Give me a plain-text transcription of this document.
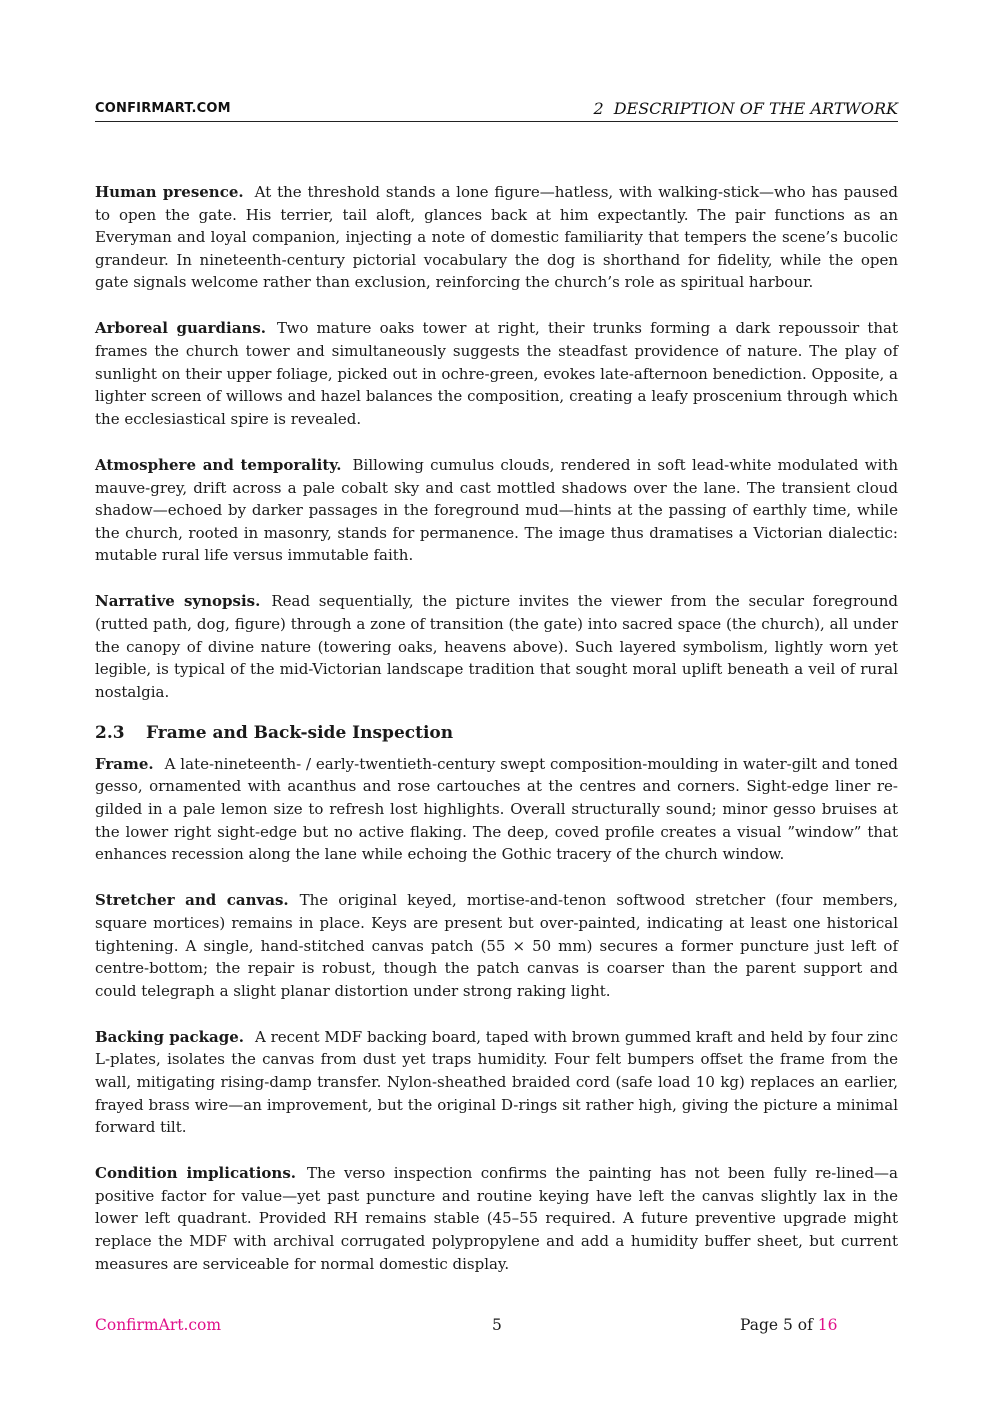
CONFIRMART.COM	2 DESCRIPTION OF THE ARTWORK

Human presence. At the threshold stands a lone figure—hatless, with walking-stick—who has paused to open the gate. His terrier, tail aloft, glances back at him expectantly. The pair functions as an Everyman and loyal companion, injecting a note of domestic familiarity that tempers the scene’s bucolic grandeur. In nineteenth-century pictorial vocabulary the dog is shorthand for fidelity, while the open gate signals welcome rather than exclusion, reinforcing the church’s role as spiritual harbour.

Arboreal guardians. Two mature oaks tower at right, their trunks forming a dark repoussoir that frames the church tower and simultaneously suggests the steadfast providence of nature. The play of sunlight on their upper foliage, picked out in ochre-green, evokes late-afternoon benediction. Opposite, a lighter screen of willows and hazel balances the composition, creating a leafy proscenium through which the ecclesiastical spire is revealed.

Atmosphere and temporality. Billowing cumulus clouds, rendered in soft lead-white modulated with mauve-grey, drift across a pale cobalt sky and cast mottled shadows over the lane. The transient cloud shadow—echoed by darker passages in the foreground mud—hints at the passing of earthly time, while the church, rooted in masonry, stands for permanence. The image thus dramatises a Victorian dialectic: mutable rural life versus immutable faith.

Narrative synopsis. Read sequentially, the picture invites the viewer from the secular foreground (rutted path, dog, figure) through a zone of transition (the gate) into sacred space (the church), all under the canopy of divine nature (towering oaks, heavens above). Such layered symbolism, lightly worn yet legible, is typical of the mid-Victorian landscape tradition that sought moral uplift beneath a veil of rural nostalgia.

2.3 Frame and Back-side Inspection

Frame. A late-nineteenth- / early-twentieth-century swept composition-moulding in water-gilt and toned gesso, ornamented with acanthus and rose cartouches at the centres and corners. Sight-edge liner re-gilded in a pale lemon size to refresh lost highlights. Overall structurally sound; minor gesso bruises at the lower right sight-edge but no active flaking. The deep, coved profile creates a visual ”window” that enhances recession along the lane while echoing the Gothic tracery of the church window.

Stretcher and canvas. The original keyed, mortise-and-tenon softwood stretcher (four members, square mortices) remains in place. Keys are present but over-painted, indicating at least one historical tightening. A single, hand-stitched canvas patch (55 × 50 mm) secures a former puncture just left of centre-bottom; the repair is robust, though the patch canvas is coarser than the parent support and could telegraph a slight planar distortion under strong raking light.

Backing package. A recent MDF backing board, taped with brown gummed kraft and held by four zinc L-plates, isolates the canvas from dust yet traps humidity. Four felt bumpers offset the frame from the wall, mitigating rising-damp transfer. Nylon-sheathed braided cord (safe load 10 kg) replaces an earlier, frayed brass wire—an improvement, but the original D-rings sit rather high, giving the picture a minimal forward tilt.

Condition implications. The verso inspection confirms the painting has not been fully re-lined—a positive factor for value—yet past puncture and routine keying have left the canvas slightly lax in the lower left quadrant. Provided RH remains stable (45–55 required. A future preventive upgrade might replace the MDF with archival corrugated polypropylene and add a humidity buffer sheet, but current measures are serviceable for normal domestic display.

ConfirmArt.com	5	Page 5 of 16
